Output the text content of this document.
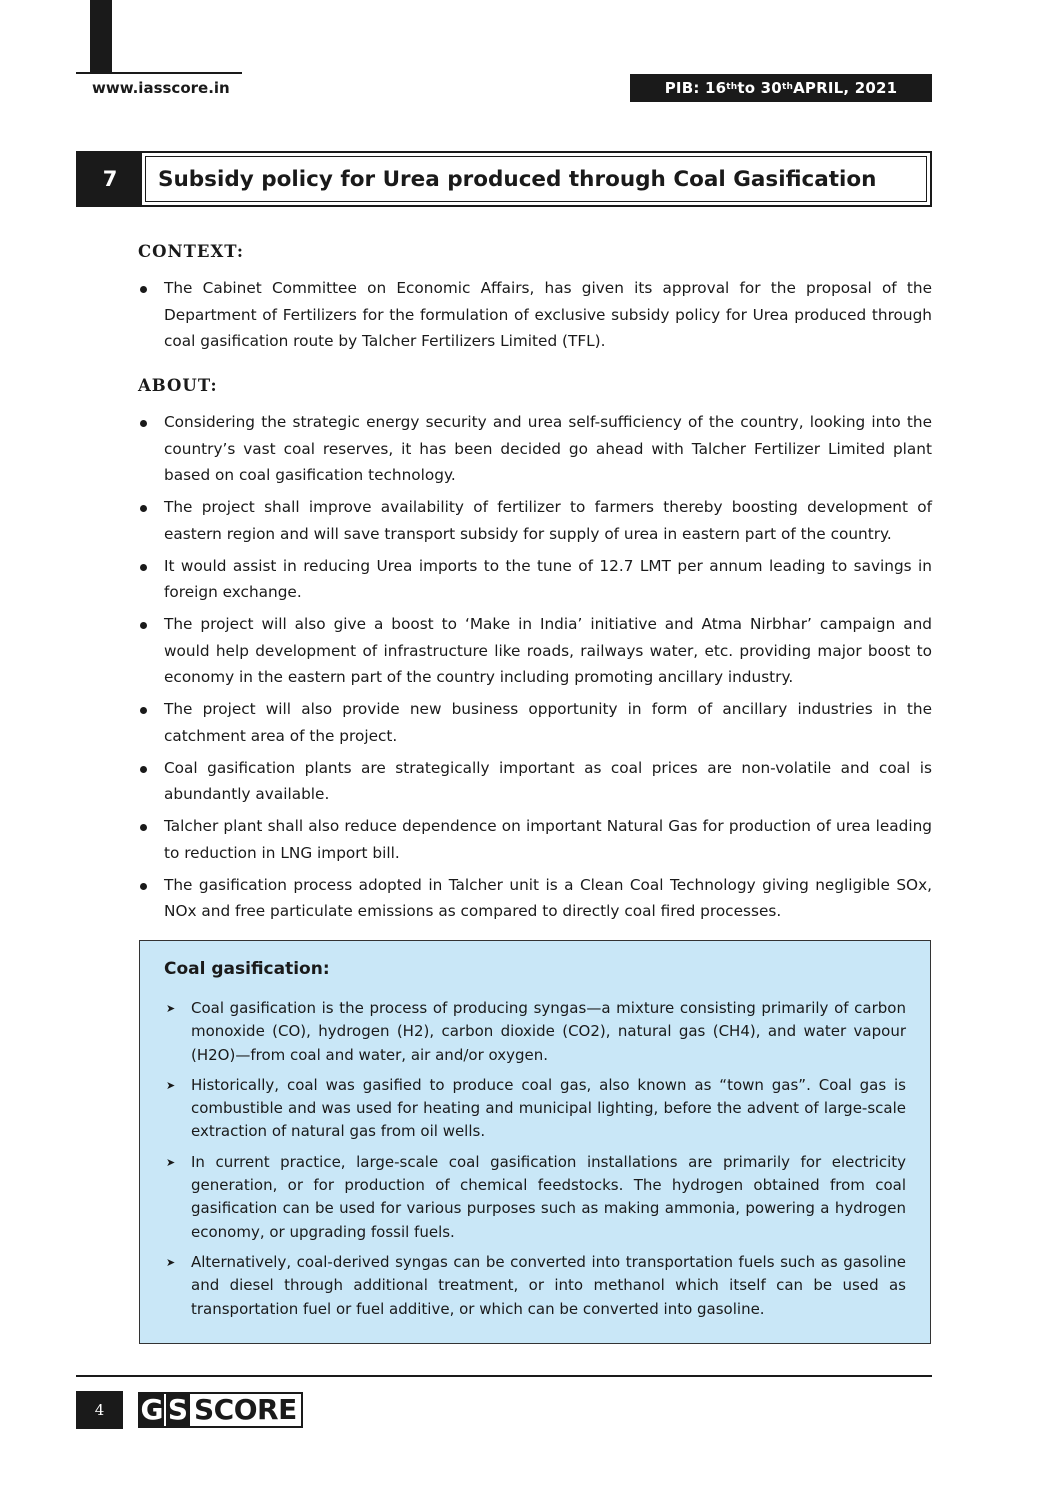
www.iasscore.in	PIB: 16th to 30th APRIL, 2021
7	Subsidy policy for Urea produced through Coal Gasification
CONTEXT:
The Cabinet Committee on Economic Affairs, has given its approval for the proposal of the Department of Fertilizers for the formulation of exclusive subsidy policy for Urea produced through coal gasification route by Talcher Fertilizers Limited (TFL).
ABOUT:
Considering the strategic energy security and urea self-sufficiency of the country, looking into the country’s vast coal reserves, it has been decided go ahead with Talcher Fertilizer Limited plant based on coal gasification technology.
The project shall improve availability of fertilizer to farmers thereby boosting development of eastern region and will save transport subsidy for supply of urea in eastern part of the country.
It would assist in reducing Urea imports to the tune of 12.7 LMT per annum leading to savings in foreign exchange.
The project will also give a boost to ‘Make in India’ initiative and Atma Nirbhar’ campaign and would help development of infrastructure like roads, railways water, etc. providing major boost to economy in the eastern part of the country including promoting ancillary industry.
The project will also provide new business opportunity in form of ancillary industries in the catchment area of the project.
Coal gasification plants are strategically important as coal prices are non-volatile and coal is abundantly available.
Talcher plant shall also reduce dependence on important Natural Gas for production of urea leading to reduction in LNG import bill.
The gasification process adopted in Talcher unit is a Clean Coal Technology giving negligible SOx, NOx and free particulate emissions as compared to directly coal fired processes.
Coal gasification:
➤ Coal gasification is the process of producing syngas—a mixture consisting primarily of carbon monoxide (CO), hydrogen (H2), carbon dioxide (CO2), natural gas (CH4), and water vapour (H2O)—from coal and water, air and/or oxygen.
➤ Historically, coal was gasified to produce coal gas, also known as “town gas”. Coal gas is combustible and was used for heating and municipal lighting, before the advent of large-scale extraction of natural gas from oil wells.
➤ In current practice, large-scale coal gasification installations are primarily for electricity generation, or for production of chemical feedstocks. The hydrogen obtained from coal gasification can be used for various purposes such as making ammonia, powering a hydrogen economy, or upgrading fossil fuels.
➤ Alternatively, coal-derived syngas can be converted into transportation fuels such as gasoline and diesel through additional treatment, or into methanol which itself can be used as transportation fuel or fuel additive, or which can be converted into gasoline.
4	G S SCORE
